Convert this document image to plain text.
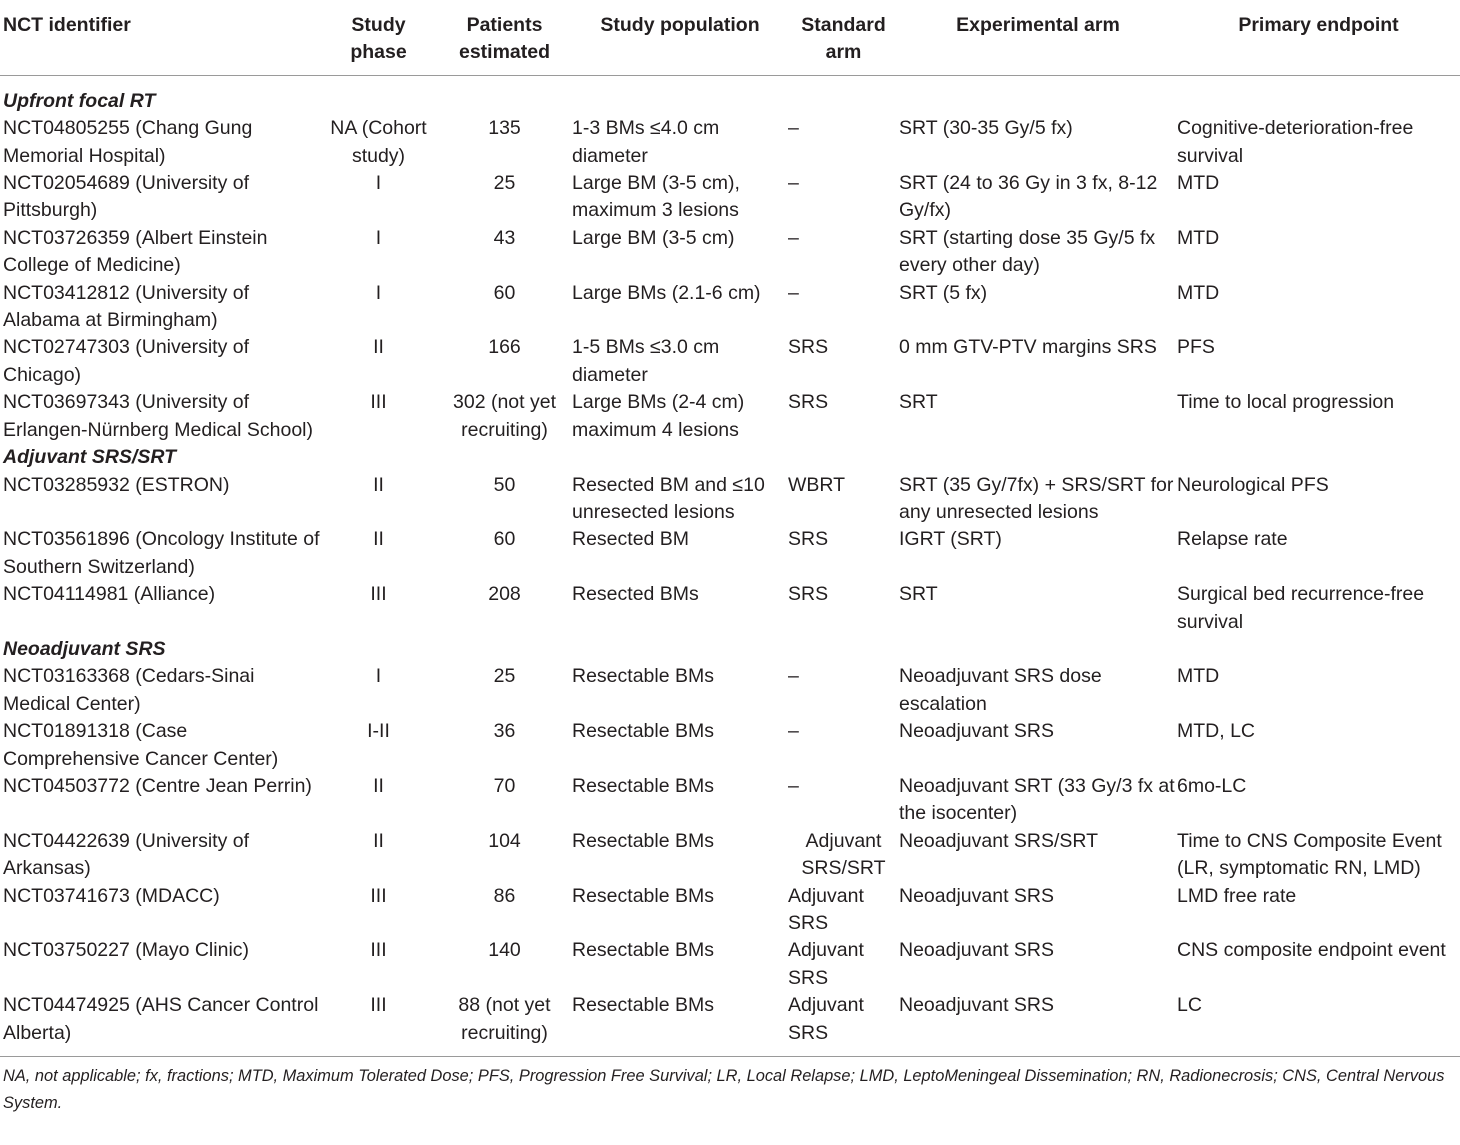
NCT identifier	Study phase	Patients estimated	Study population	Standard arm	Experimental arm	Primary endpoint
Upfront focal RT						
NCT04805255 (Chang Gung Memorial Hospital)	NA (Cohort study)	135	1-3 BMs ≤4.0 cm diameter	–	SRT (30-35 Gy/5 fx)	Cognitive-deterioration-free survival
NCT02054689 (University of Pittsburgh)	I	25	Large BM (3-5 cm), maximum 3 lesions	–	SRT (24 to 36 Gy in 3 fx, 8-12 Gy/fx)	MTD
NCT03726359 (Albert Einstein College of Medicine)	I	43	Large BM (3-5 cm)	–	SRT (starting dose 35 Gy/5 fx every other day)	MTD
NCT03412812 (University of Alabama at Birmingham)	I	60	Large BMs (2.1-6 cm)	–	SRT (5 fx)	MTD
NCT02747303 (University of Chicago)	II	166	1-5 BMs ≤3.0 cm diameter	SRS	0 mm GTV-PTV margins SRS	PFS
NCT03697343 (University of Erlangen-Nürnberg Medical School)	III	302 (not yet recruiting)	Large BMs (2-4 cm) maximum 4 lesions	SRS	SRT	Time to local progression
Adjuvant SRS/SRT						
NCT03285932 (ESTRON)	II	50	Resected BM and ≤10 unresected lesions	WBRT	SRT (35 Gy/7fx) + SRS/SRT for any unresected lesions	Neurological PFS
NCT03561896 (Oncology Institute of Southern Switzerland)	II	60	Resected BM	SRS	IGRT (SRT)	Relapse rate
NCT04114981 (Alliance)	III	208	Resected BMs	SRS	SRT	Surgical bed recurrence-free survival
Neoadjuvant SRS						
NCT03163368 (Cedars-Sinai Medical Center)	I	25	Resectable BMs	–	Neoadjuvant SRS dose escalation	MTD
NCT01891318 (Case Comprehensive Cancer Center)	I-II	36	Resectable BMs	–	Neoadjuvant SRS	MTD, LC
NCT04503772 (Centre Jean Perrin)	II	70	Resectable BMs	–	Neoadjuvant SRT (33 Gy/3 fx at the isocenter)	6mo-LC
NCT04422639 (University of Arkansas)	II	104	Resectable BMs	Adjuvant SRS/SRT	Neoadjuvant SRS/SRT	Time to CNS Composite Event (LR, symptomatic RN, LMD)
NCT03741673 (MDACC)	III	86	Resectable BMs	Adjuvant SRS	Neoadjuvant SRS	LMD free rate
NCT03750227 (Mayo Clinic)	III	140	Resectable BMs	Adjuvant SRS	Neoadjuvant SRS	CNS composite endpoint event
NCT04474925 (AHS Cancer Control Alberta)	III	88 (not yet recruiting)	Resectable BMs	Adjuvant SRS	Neoadjuvant SRS	LC
NA, not applicable; fx, fractions; MTD, Maximum Tolerated Dose; PFS, Progression Free Survival; LR, Local Relapse; LMD, LeptoMeningeal Dissemination; RN, Radionecrosis; CNS, Central Nervous System.
